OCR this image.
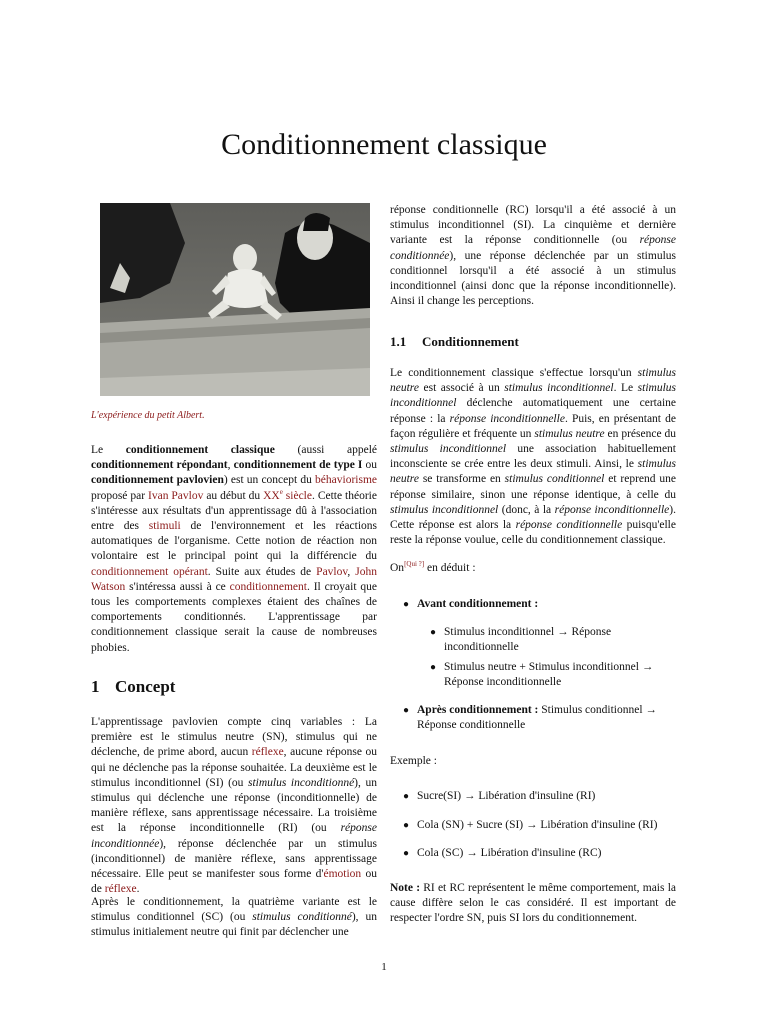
Conditionnement classique
L'expérience du petit Albert.

Le conditionnement classique (aussi appelé conditionnement répondant, conditionnement de type I ou conditionnement pavlovien) est un concept du béhaviorisme proposé par Ivan Pavlov au début du XXe siècle. Cette théorie s'intéresse aux résultats d'un apprentissage dû à l'association entre des stimuli de l'environnement et les réactions automatiques de l'organisme. Cette notion de réaction non volontaire est le principal point qui la différencie du conditionnement opérant. Suite aux études de Pavlov, John Watson s'intéressa aussi à ce conditionnement. Il croyait que tous les comportements complexes étaient des chaînes de comportements conditionnés. L'apprentissage par conditionnement classique serait la cause de nombreuses phobies.

1 Concept

L'apprentissage pavlovien compte cinq variables : La première est le stimulus neutre (SN), stimulus qui ne déclenche, de prime abord, aucun réflexe, aucune réponse ou qui ne déclenche pas la réponse souhaitée. La deuxième est le stimulus inconditionnel (SI) (ou stimulus inconditionné), un stimulus qui déclenche une réponse (inconditionnelle) de manière réflexe, sans apprentissage nécessaire. La troisième est la réponse inconditionnelle (RI) (ou réponse inconditionnée), réponse déclenchée par un stimulus (inconditionnel) de manière réflexe, sans apprentissage nécessaire. Elle peut se manifester sous forme d'émotion ou de réflexe.

Après le conditionnement, la quatrième variante est le stimulus conditionnel (SC) (ou stimulus conditionné), un stimulus initialement neutre qui finit par déclencher une

réponse conditionnelle (RC) lorsqu'il a été associé à un stimulus inconditionnel (SI). La cinquième et dernière variante est la réponse conditionnelle (ou réponse conditionnée), une réponse déclenchée par un stimulus conditionnel lorsqu'il a été associé à un stimulus inconditionnel (ainsi donc que la réponse inconditionnelle). Ainsi il change les perceptions.

1.1 Conditionnement

Le conditionnement classique s'effectue lorsqu'un stimulus neutre est associé à un stimulus inconditionnel. Le stimulus inconditionnel déclenche automatiquement une certaine réponse : la réponse inconditionnelle. Puis, en présentant de façon régulière et fréquente un stimulus neutre en présence du stimulus inconditionnel une association habituellement inconsciente se crée entre les deux stimuli. Ainsi, le stimulus neutre se transforme en stimulus conditionnel et reprend une réponse similaire, sinon une réponse identique, à celle du stimulus inconditionnel (donc, à la réponse inconditionnelle). Cette réponse est alors la réponse conditionnelle puisqu'elle reste la réponse voulue, celle du conditionnement classique.

On[Qui ?] en déduit :

● Avant conditionnement :
● Stimulus inconditionnel → Réponse inconditionnelle
● Stimulus neutre + Stimulus inconditionnel → Réponse inconditionnelle
● Après conditionnement : Stimulus conditionnel → Réponse conditionnelle

Exemple :

● Sucre(SI) → Libération d'insuline (RI)
● Cola (SN) + Sucre (SI) → Libération d'insuline (RI)
● Cola (SC) → Libération d'insuline (RC)

Note : RI et RC représentent le même comportement, mais la cause diffère selon le cas considéré. Il est important de respecter l'ordre SN, puis SI lors du conditionnement.

1
